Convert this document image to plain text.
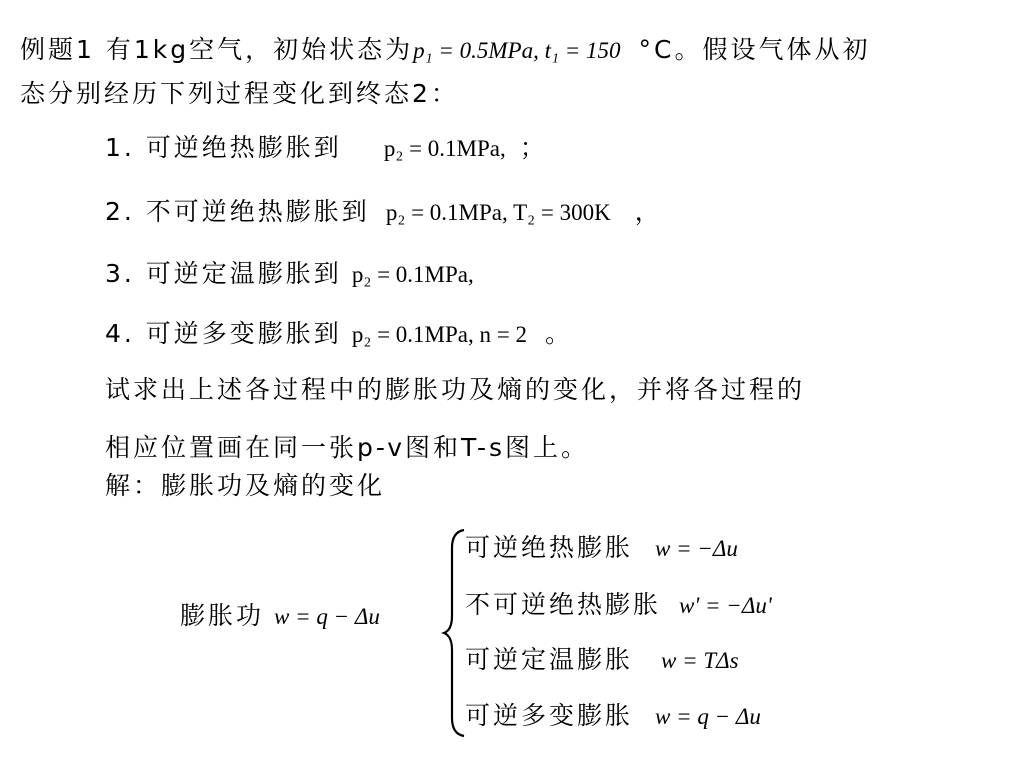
例题1 有1kg空气，初始状态为 p₁ = 0.5MPa, t₁ = 150 °C。假设气体从初
态分别经历下列过程变化到终态2：
1. 可逆绝热膨胀到 p₂ = 0.1MPa, ；
2. 不可逆绝热膨胀到 p₂ = 0.1MPa, T₂ = 300K ，
3. 可逆定温膨胀到 p₂ = 0.1MPa,
4. 可逆多变膨胀到 p₂ = 0.1MPa, n = 2 。
试求出上述各过程中的膨胀功及熵的变化，并将各过程的
相应位置画在同一张p-v图和T-s图上。
解：膨胀功及熵的变化
膨胀功 w = q − Δu
可逆绝热膨胀 w = −Δu
不可逆绝热膨胀 w' = −Δu'
可逆定温膨胀 w = TΔs
可逆多变膨胀 w = q − Δu
